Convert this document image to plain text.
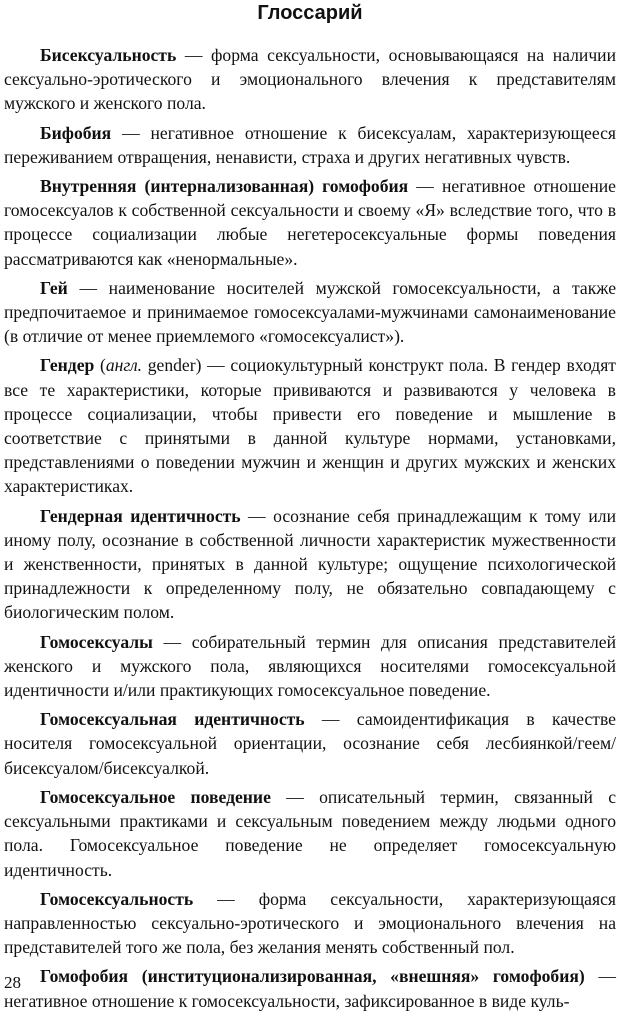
Глоссарий

Бисексуальность — форма сексуальности, основывающаяся на наличии сексуально-эротического и эмоционального влечения к представителям мужского и женского пола.

Бифобия — негативное отношение к бисексуалам, характеризующееся переживанием отвращения, ненависти, страха и других негативных чувств.

Внутренняя (интернализованная) гомофобия — негативное отношение гомосексуалов к собственной сексуальности и своему «Я» вследствие того, что в процессе социализации любые негетеросексуальные формы поведения рассматриваются как «ненормальные».

Гей — наименование носителей мужской гомосексуальности, а также предпочитаемое и принимаемое гомосексуалами-мужчинами самонаименование (в отличие от менее приемлемого «гомосексуалист»).

Гендер (англ. gender) — социокультурный конструкт пола. В гендер входят все те характеристики, которые прививаются и развиваются у человека в процессе социализации, чтобы привести его поведение и мышление в соответствие с принятыми в данной культуре нормами, установками, представлениями о поведении мужчин и женщин и других мужских и женских характеристиках.

Гендерная идентичность — осознание себя принадлежащим к тому или иному полу, осознание в собственной личности характеристик мужественности и женственности, принятых в данной культуре; ощущение психологической принадлежности к определенному полу, не обязательно совпадающему с биологическим полом.

Гомосексуалы — собирательный термин для описания представителей женского и мужского пола, являющихся носителями гомосексуальной идентичности и/или практикующих гомосексуальное поведение.

Гомосексуальная идентичность — самоидентификация в качестве носителя гомосексуальной ориентации, осознание себя лесбиянкой/геем/бисексуалом/бисексуалкой.

Гомосексуальное поведение — описательный термин, связанный с сексуальными практиками и сексуальным поведением между людьми одного пола. Гомосексуальное поведение не определяет гомосексуальную идентичность.

Гомосексуальность — форма сексуальности, характеризующаяся направленностью сексуально-эротического и эмоционального влечения на представителей того же пола, без желания менять собственный пол.

Гомофобия (институционализированная, «внешняя» гомофобия) — негативное отношение к гомосексуальности, зафиксированное в виде куль-

28
